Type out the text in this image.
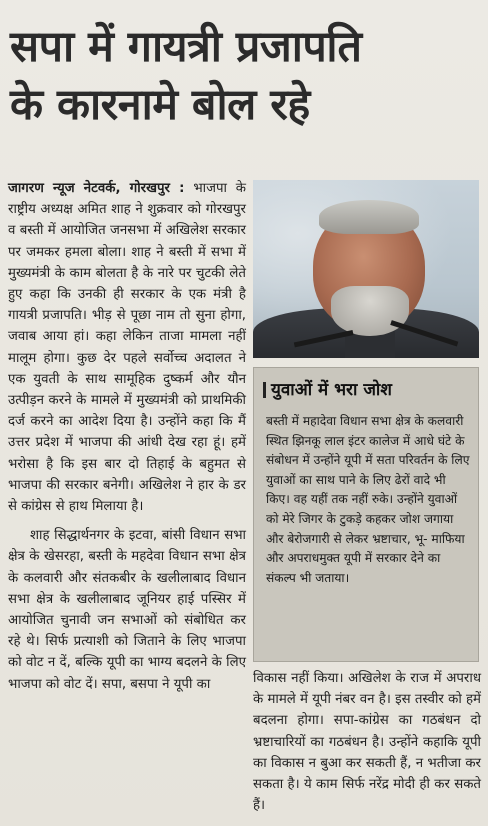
सपा में गायत्री प्रजापति
के कारनामे बोल रहे

जागरण न्यूज नेटवर्क, गोरखपुर : भाजपा के राष्ट्रीय अध्यक्ष अमित शाह ने शुक्रवार को गोरखपुर व बस्ती में आयोजित जनसभा में अखिलेश सरकार पर जमकर हमला बोला। शाह ने बस्ती में सभा में मुख्यमंत्री के काम बोलता है के नारे पर चुटकी लेते हुए कहा कि उनकी ही सरकार के एक मंत्री है गायत्री प्रजापति। भीड़ से पूछा नाम तो सुना होगा, जवाब आया हां। कहा लेकिन ताजा मामला नहीं मालूम होगा। कुछ देर पहले सर्वोच्च अदालत ने एक युवती के साथ सामूहिक दुष्कर्म और यौन उत्पीड़न करने के मामले में मुख्यमंत्री को प्राथमिकी दर्ज करने का आदेश दिया है। उन्होंने कहा कि मैं उत्तर प्रदेश में भाजपा की आंधी देख रहा हूं। हमें भरोसा है कि इस बार दो तिहाई के बहुमत से भाजपा की सरकार बनेगी। अखिलेश ने हार के डर से कांग्रेस से हाथ मिलाया है।

शाह सिद्धार्थनगर के इटवा, बांसी विधान सभा क्षेत्र के खेसरहा, बस्ती के महदेवा विधान सभा क्षेत्र के कलवारी और संतकबीर के खलीलाबाद विधान सभा क्षेत्र के खलीलाबाद जूनियर हाई पस्सिर में आयोजित चुनावी जन सभाओं को संबोधित कर रहे थे। सिर्फ प्रत्याशी को जिताने के लिए भाजपा को वोट न दें, बल्कि यूपी का भाग्य बदलने के लिए भाजपा को वोट दें। सपा, बसपा ने यूपी का

युवाओं में भरा जोश
बस्ती में महादेवा विधान सभा क्षेत्र के कलवारी स्थित झिनकू लाल इंटर कालेज में आधे घंटे के संबोधन में उन्होंने यूपी में सता परिवर्तन के लिए युवाओं का साथ पाने के लिए ढेरों वादे भी किए। वह यहीं तक नहीं रुके। उन्होंने युवाओं को मेरे जिगर के टुकड़े कहकर जोश जगाया और बेरोजगारी से लेकर भ्रष्टाचार, भू- माफिया और अपराधमुक्त यूपी में सरकार देने का संकल्प भी जताया।

विकास नहीं किया। अखिलेश के राज में अपराध के मामले में यूपी नंबर वन है। इस तस्वीर को हमें बदलना होगा। सपा-कांग्रेस का गठबंधन दो भ्रष्टाचारियों का गठबंधन है। उन्होंने कहाकि यूपी का विकास न बुआ कर सकती हैं, न भतीजा कर सकता है। ये काम सिर्फ नरेंद्र मोदी ही कर सकते हैं।
